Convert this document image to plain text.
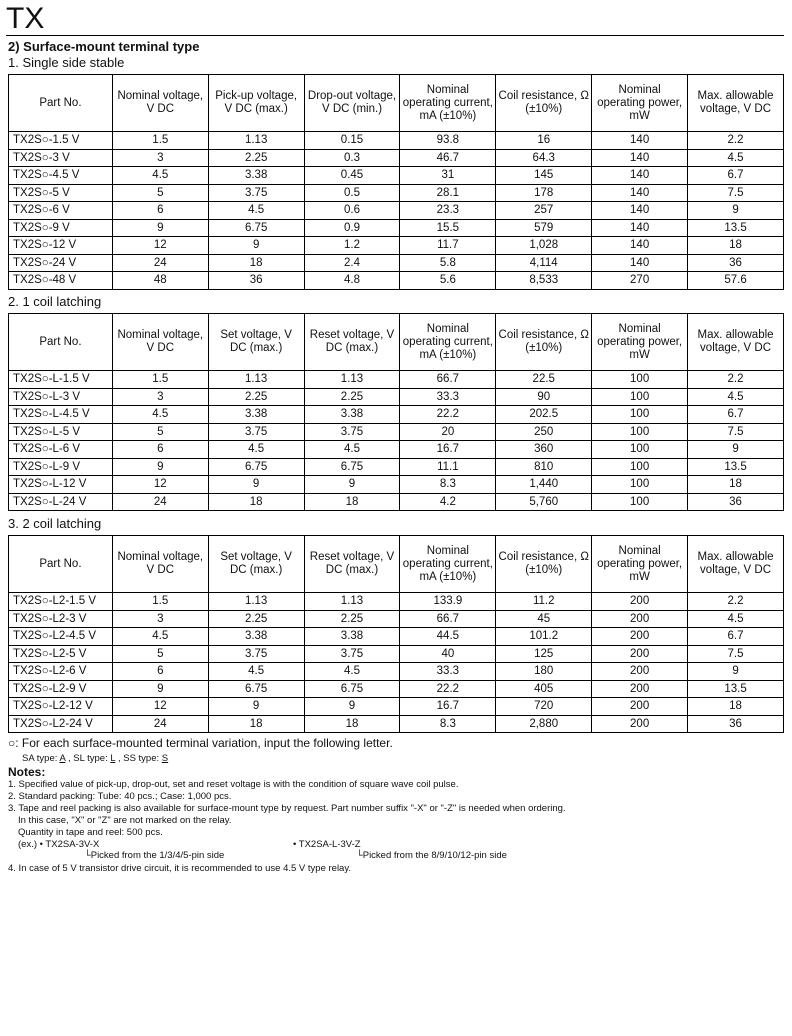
TX
2) Surface-mount terminal type
1. Single side stable
Part No.	Nominal voltage, V DC	Pick-up voltage, V DC (max.)	Drop-out voltage, V DC (min.)	Nominal operating current, mA (±10%)	Coil resistance, Ω (±10%)	Nominal operating power, mW	Max. allowable voltage, V DC
TX2S○-1.5 V	1.5	1.13	0.15	93.8	16	140	2.2
TX2S○-3 V	3	2.25	0.3	46.7	64.3	140	4.5
TX2S○-4.5 V	4.5	3.38	0.45	31	145	140	6.7
TX2S○-5 V	5	3.75	0.5	28.1	178	140	7.5
TX2S○-6 V	6	4.5	0.6	23.3	257	140	9
TX2S○-9 V	9	6.75	0.9	15.5	579	140	13.5
TX2S○-12 V	12	9	1.2	11.7	1,028	140	18
TX2S○-24 V	24	18	2.4	5.8	4,114	140	36
TX2S○-48 V	48	36	4.8	5.6	8,533	270	57.6
2. 1 coil latching
Part No.	Nominal voltage, V DC	Set voltage, V DC (max.)	Reset voltage, V DC (max.)	Nominal operating current, mA (±10%)	Coil resistance, Ω (±10%)	Nominal operating power, mW	Max. allowable voltage, V DC
TX2S○-L-1.5 V	1.5	1.13	1.13	66.7	22.5	100	2.2
TX2S○-L-3 V	3	2.25	2.25	33.3	90	100	4.5
TX2S○-L-4.5 V	4.5	3.38	3.38	22.2	202.5	100	6.7
TX2S○-L-5 V	5	3.75	3.75	20	250	100	7.5
TX2S○-L-6 V	6	4.5	4.5	16.7	360	100	9
TX2S○-L-9 V	9	6.75	6.75	11.1	810	100	13.5
TX2S○-L-12 V	12	9	9	8.3	1,440	100	18
TX2S○-L-24 V	24	18	18	4.2	5,760	100	36
3. 2 coil latching
Part No.	Nominal voltage, V DC	Set voltage, V DC (max.)	Reset voltage, V DC (max.)	Nominal operating current, mA (±10%)	Coil resistance, Ω (±10%)	Nominal operating power, mW	Max. allowable voltage, V DC
TX2S○-L2-1.5 V	1.5	1.13	1.13	133.9	11.2	200	2.2
TX2S○-L2-3 V	3	2.25	2.25	66.7	45	200	4.5
TX2S○-L2-4.5 V	4.5	3.38	3.38	44.5	101.2	200	6.7
TX2S○-L2-5 V	5	3.75	3.75	40	125	200	7.5
TX2S○-L2-6 V	6	4.5	4.5	33.3	180	200	9
TX2S○-L2-9 V	9	6.75	6.75	22.2	405	200	13.5
TX2S○-L2-12 V	12	9	9	16.7	720	200	18
TX2S○-L2-24 V	24	18	18	8.3	2,880	200	36
○: For each surface-mounted terminal variation, input the following letter.
SA type: A , SL type: L , SS type: S
Notes:
1. Specified value of pick-up, drop-out, set and reset voltage is with the condition of square wave coil pulse.
2. Standard packing: Tube: 40 pcs.; Case: 1,000 pcs.
3. Tape and reel packing is also available for surface-mount type by request. Part number suffix "-X" or "-Z" is needed when ordering.
In this case, "X" or "Z" are not marked on the relay.
Quantity in tape and reel: 500 pcs.
(ex.) • TX2SA-3V-X
└Picked from the 1/3/4/5-pin side
• TX2SA-L-3V-Z
└Picked from the 8/9/10/12-pin side
4. In case of 5 V transistor drive circuit, it is recommended to use 4.5 V type relay.
